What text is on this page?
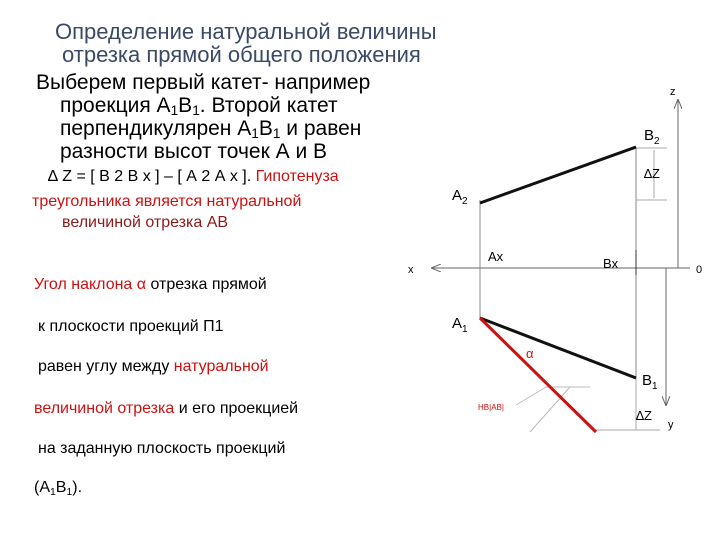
Определение натуральной величины
отрезка прямой общего положения
Выберем первый катет- например
проекция $А_1В_1$. Второй катет
перпендикулярен $А_1В_1$ и равен
разности высот точек А и В
∆ Z = [ В 2 В x ] – [ А 2 А x ]. Гипотенуза
треугольника является натуральной
величиной отрезка АВ
Угол наклона α отрезка прямой
к плоскости проекций П1
равен углу между натуральной
величиной отрезка и его проекцией
на заданную плоскость проекций
$(А_1В_1)$.
z
x
y
0
$A_2$
$B_2$
$A_1$
$B_1$
Ax	Bx
∆Z
∆Z
α
НВ|АВ|
